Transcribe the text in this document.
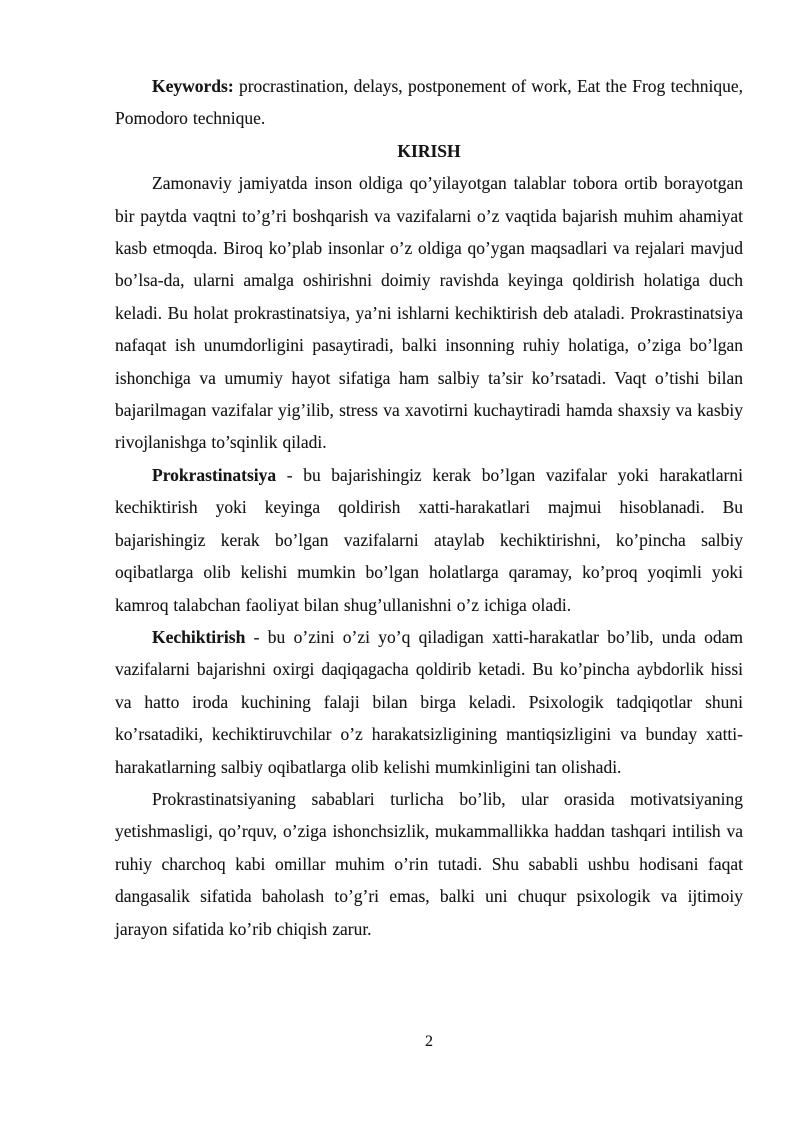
Keywords: procrastination, delays, postponement of work, Eat the Frog technique, Pomodoro technique.

KIRISH

Zamonaviy jamiyatda inson oldiga qo’yilayotgan talablar tobora ortib borayotgan bir paytda vaqtni to’g’ri boshqarish va vazifalarni o’z vaqtida bajarish muhim ahamiyat kasb etmoqda. Biroq ko’plab insonlar o’z oldiga qo’ygan maqsadlari va rejalari mavjud bo’lsa-da, ularni amalga oshirishni doimiy ravishda keyinga qoldirish holatiga duch keladi. Bu holat prokrastinatsiya, ya’ni ishlarni kechiktirish deb ataladi. Prokrastinatsiya nafaqat ish unumdorligini pasaytiradi, balki insonning ruhiy holatiga, o’ziga bo’lgan ishonchiga va umumiy hayot sifatiga ham salbiy ta’sir ko’rsatadi. Vaqt o’tishi bilan bajarilmagan vazifalar yig’ilib, stress va xavotirni kuchaytiradi hamda shaxsiy va kasbiy rivojlanishga to’sqinlik qiladi.

Prokrastinatsiya - bu bajarishingiz kerak bo’lgan vazifalar yoki harakatlarni kechiktirish yoki keyinga qoldirish xatti-harakatlari majmui hisoblanadi. Bu bajarishingiz kerak bo’lgan vazifalarni ataylab kechiktirishni, ko’pincha salbiy oqibatlarga olib kelishi mumkin bo’lgan holatlarga qaramay, ko’proq yoqimli yoki kamroq talabchan faoliyat bilan shug’ullanishni o’z ichiga oladi.

Kechiktirish - bu o’zini o’zi yo’q qiladigan xatti-harakatlar bo’lib, unda odam vazifalarni bajarishni oxirgi daqiqagacha qoldirib ketadi. Bu ko’pincha aybdorlik hissi va hatto iroda kuchining falaji bilan birga keladi. Psixologik tadqiqotlar shuni ko’rsatadiki, kechiktiruvchilar o’z harakatsizligining mantiqsizligini va bunday xatti-harakatlarning salbiy oqibatlarga olib kelishi mumkinligini tan olishadi.

Prokrastinatsiyaning sabablari turlicha bo’lib, ular orasida motivatsiyaning yetishmasligi, qo’rquv, o’ziga ishonchsizlik, mukammallikka haddan tashqari intilish va ruhiy charchoq kabi omillar muhim o’rin tutadi. Shu sababli ushbu hodisani faqat dangasalik sifatida baholash to’g’ri emas, balki uni chuqur psixologik va ijtimoiy jarayon sifatida ko’rib chiqish zarur.

2
